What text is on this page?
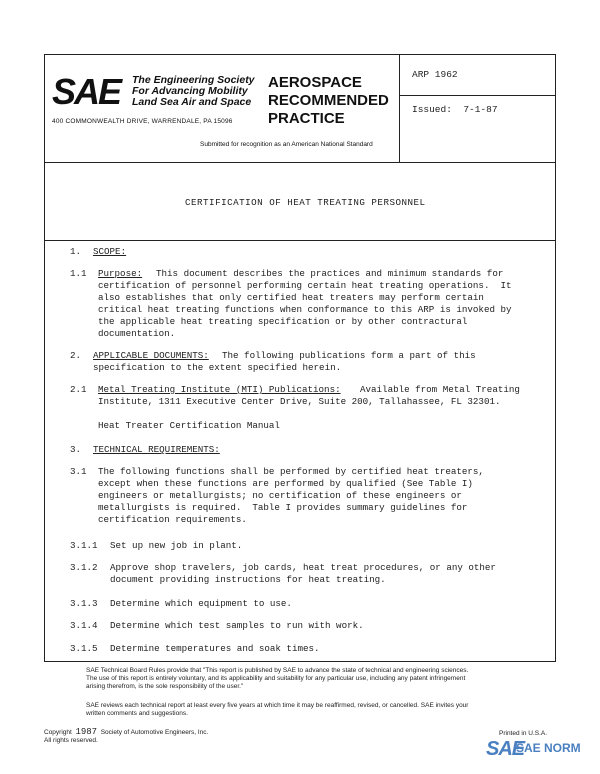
SAE The Engineering Society
For Advancing Mobility
Land Sea Air and Space
400 COMMONWEALTH DRIVE, WARRENDALE, PA 15096
AEROSPACE
RECOMMENDED
PRACTICE
Submitted for recognition as an American National Standard
ARP 1962
Issued: 7-1-87
CERTIFICATION OF HEAT TREATING PERSONNEL
1. SCOPE:
1.1 Purpose: This document describes the practices and minimum standards for
certification of personnel performing certain heat treating operations.  It
also establishes that only certified heat treaters may perform certain
critical heat treating functions when conformance to this ARP is invoked by
the applicable heat treating specification or by other contractural
documentation.
2. APPLICABLE DOCUMENTS: The following publications form a part of this
specification to the extent specified herein.
2.1 Metal Treating Institute (MTI) Publications: Available from Metal Treating
Institute, 1311 Executive Center Drive, Suite 200, Tallahassee, FL 32301.
Heat Treater Certification Manual
3. TECHNICAL REQUIREMENTS:
3.1 The following functions shall be performed by certified heat treaters,
except when these functions are performed by qualified (See Table I)
engineers or metallurgists; no certification of these engineers or
metallurgists is required.  Table I provides summary guidelines for
certification requirements.
3.1.1 Set up new job in plant.
3.1.2 Approve shop travelers, job cards, heat treat procedures, or any other
document providing instructions for heat treating.
3.1.3 Determine which equipment to use.
3.1.4 Determine which test samples to run with work.
3.1.5 Determine temperatures and soak times.
SAE Technical Board Rules provide that "This report is published by SAE to advance the state of technical and engineering sciences.
The use of this report is entirely voluntary, and its applicability and suitability for any particular use, including any patent infringement
arising therefrom, is the sole responsibility of the user."
SAE reviews each technical report at least every five years at which time it may be reaffirmed, revised, or cancelled. SAE invites your
written comments and suggestions.
Copyright 1987 Society of Automotive Engineers, Inc.
All rights reserved.
Printed in U.S.A.
SAE
SAE NORM
